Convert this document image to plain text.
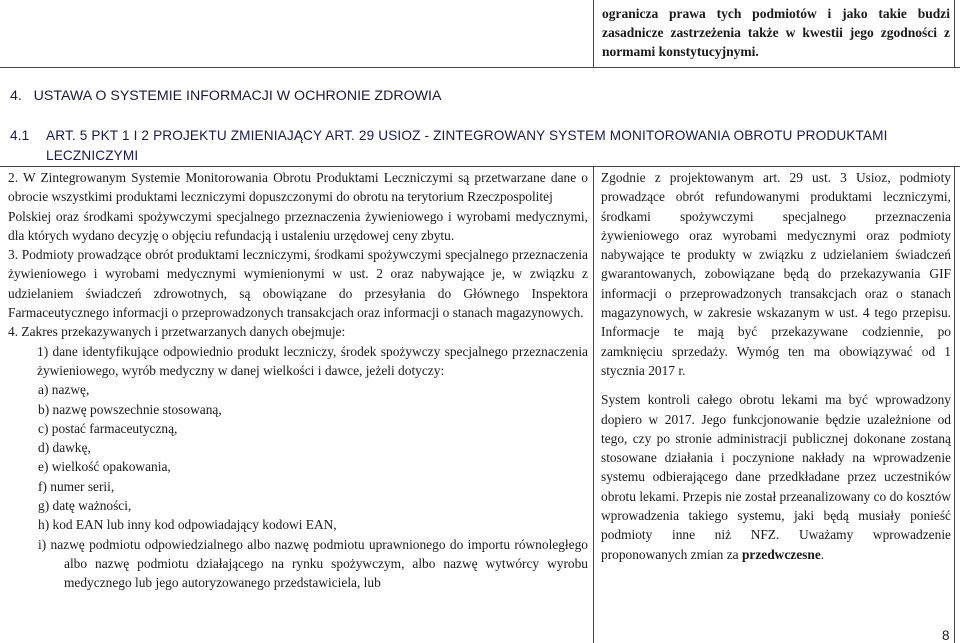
ogranicza prawa tych podmiotów i jako takie budzi zasadnicze zastrzeżenia także w kwestii jego zgodności z normami konstytucyjnymi.
4.   USTAWA O SYSTEMIE INFORMACJI W OCHRONIE ZDROWIA
4.1 ART. 5 PKT 1 I 2 PROJEKTU ZMIENIAJĄCY ART. 29 USIOZ - ZINTEGROWANY SYSTEM MONITOROWANIA OBROTU PRODUKTAMI
LECZNICZYMI

2. W Zintegrowanym Systemie Monitorowania Obrotu Produktami Leczniczymi są przetwarzane dane o obrocie wszystkimi produktami leczniczymi dopuszczonymi do obrotu na terytorium Rzeczpospolitej

Polskiej oraz środkami spożywczymi specjalnego przeznaczenia żywieniowego i wyrobami medycznymi, dla których wydano decyzję o objęciu refundacją i ustaleniu urzędowej ceny zbytu.

3. Podmioty prowadzące obrót produktami leczniczymi, środkami spożywczymi specjalnego przeznaczenia żywieniowego i wyrobami medycznymi wymienionymi w ust. 2 oraz nabywające je, w związku z udzielaniem świadczeń zdrowotnych, są obowiązane do przesyłania do Głównego Inspektora Farmaceutycznego informacji o przeprowadzonych transakcjach oraz informacji o stanach magazynowych.

4. Zakres przekazywanych i przetwarzanych danych obejmuje:

1) dane identyfikujące odpowiednio produkt leczniczy, środek spożywczy specjalnego przeznaczenia żywieniowego, wyrób medyczny w danej wielkości i dawce, jeżeli dotyczy:

a) nazwę,
b) nazwę powszechnie stosowaną,
c) postać farmaceutyczną,
d) dawkę,
e) wielkość opakowania,
f) numer serii,
g) datę ważności,
h) kod EAN lub inny kod odpowiadający kodowi EAN,
i) nazwę podmiotu odpowiedzialnego albo nazwę podmiotu uprawnionego do importu równoległego albo nazwę podmiotu działającego na rynku spożywczym, albo nazwę wytwórcy wyrobu medycznego lub jego autoryzowanego przedstawiciela, lub

Zgodnie z projektowanym art. 29 ust. 3 Usioz, podmioty prowadzące obrót refundowanymi produktami leczniczymi, środkami spożywczymi specjalnego przeznaczenia żywieniowego oraz wyrobami medycznymi oraz podmioty nabywające te produkty w związku z udzielaniem świadczeń gwarantowanych, zobowiązane będą do przekazywania GIF informacji o przeprowadzonych transakcjach oraz o stanach magazynowych, w zakresie wskazanym w ust. 4 tego przepisu. Informacje te mają być przekazywane codziennie, po zamknięciu sprzedaży. Wymóg ten ma obowiązywać od 1 stycznia 2017 r.

System kontroli całego obrotu lekami ma być wprowadzony dopiero w 2017. Jego funkcjonowanie będzie uzależnione od tego, czy po stronie administracji publicznej dokonane zostaną stosowane działania i poczynione nakłady na wprowadzenie systemu odbierającego dane przedkładane przez uczestników obrotu lekami. Przepis nie został przeanalizowany co do kosztów wprowadzenia takiego systemu, jaki będą musiały ponieść podmioty inne niż NFZ. Uważamy wprowadzenie proponowanych zmian za przedwczesne.

8
